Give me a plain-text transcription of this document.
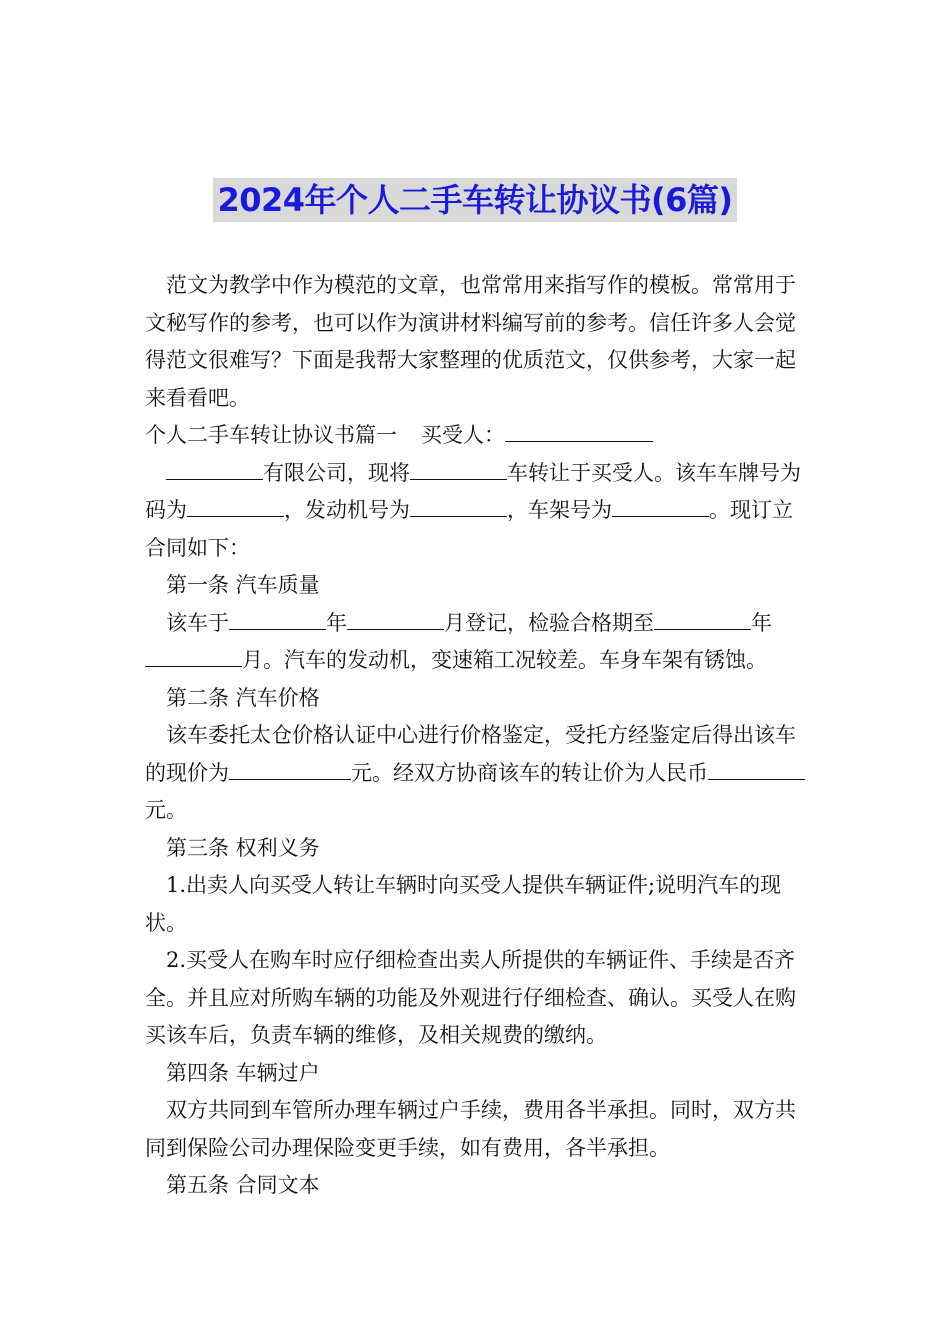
2024年个人二手车转让协议书(6篇)

范文为教学中作为模范的文章，也常常用来指写作的模板。常常用于文秘写作的参考，也可以作为演讲材料编写前的参考。信任许多人会觉得范文很难写？下面是我帮大家整理的优质范文，仅供参考，大家一起来看看吧。

个人二手车转让协议书篇一 买受人：

有限公司，现将	车转让于买受人。该车车牌号为码为	，发动机号为	，车架号为	。现订立合同如下：

第一条 汽车质量

该车于	年	月登记，检验合格期至	年月。汽车的发动机，变速箱工况较差。车身车架有锈蚀。

第二条 汽车价格

该车委托太仓价格认证中心进行价格鉴定，受托方经鉴定后得出该车的现价为	元。经双方协商该车的转让价为人民币元。

第三条 权利义务

1.出卖人向买受人转让车辆时向买受人提供车辆证件;说明汽车的现状。

2.买受人在购车时应仔细检查出卖人所提供的车辆证件、手续是否齐全。并且应对所购车辆的功能及外观进行仔细检查、确认。买受人在购买该车后，负责车辆的维修，及相关规费的缴纳。

第四条 车辆过户

双方共同到车管所办理车辆过户手续，费用各半承担。同时，双方共同到保险公司办理保险变更手续，如有费用，各半承担。

第五条 合同文本
